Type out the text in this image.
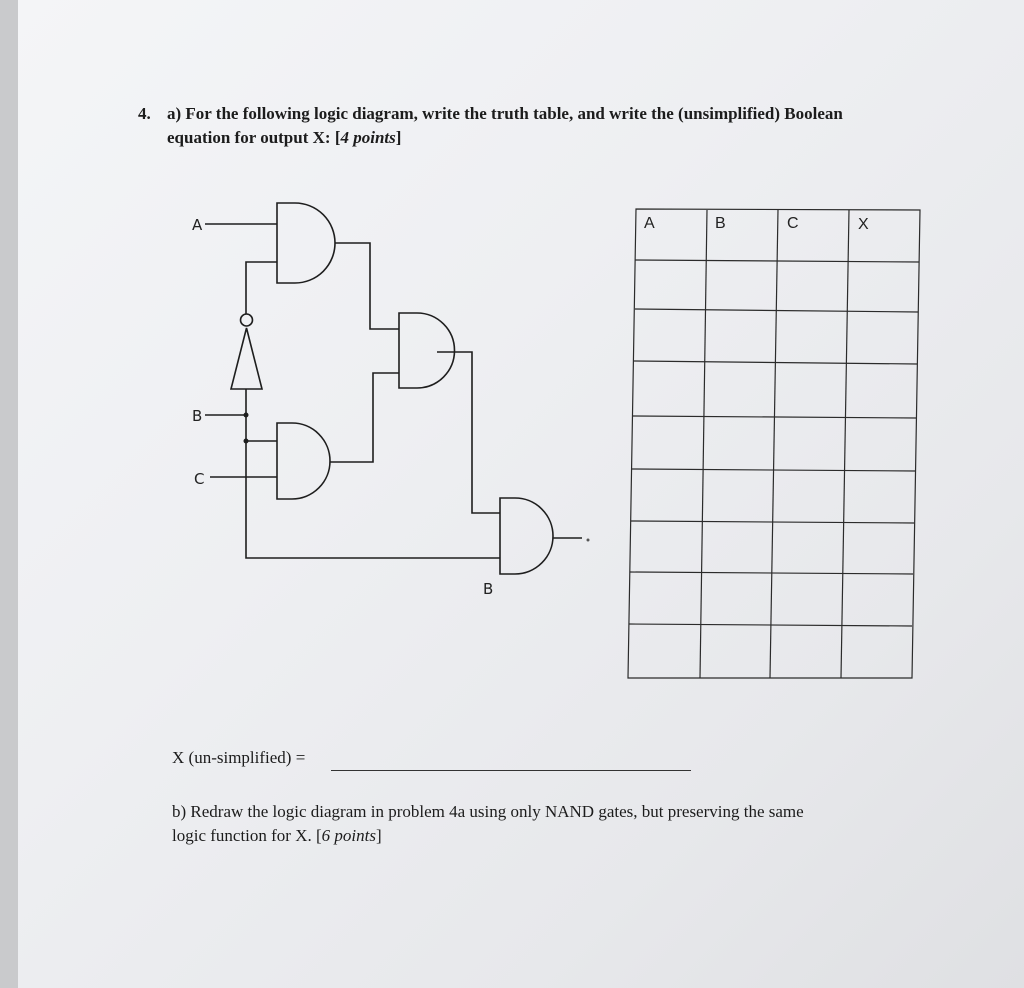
4. a) For the following logic diagram, write the truth table, and write the (unsimplified) Boolean
equation for output X: [4 points]
A
B
C
B
A	B	C	X
X (un-simplified) =
b) Redraw the logic diagram in problem 4a using only NAND gates, but preserving the same
logic function for X. [6 points]
